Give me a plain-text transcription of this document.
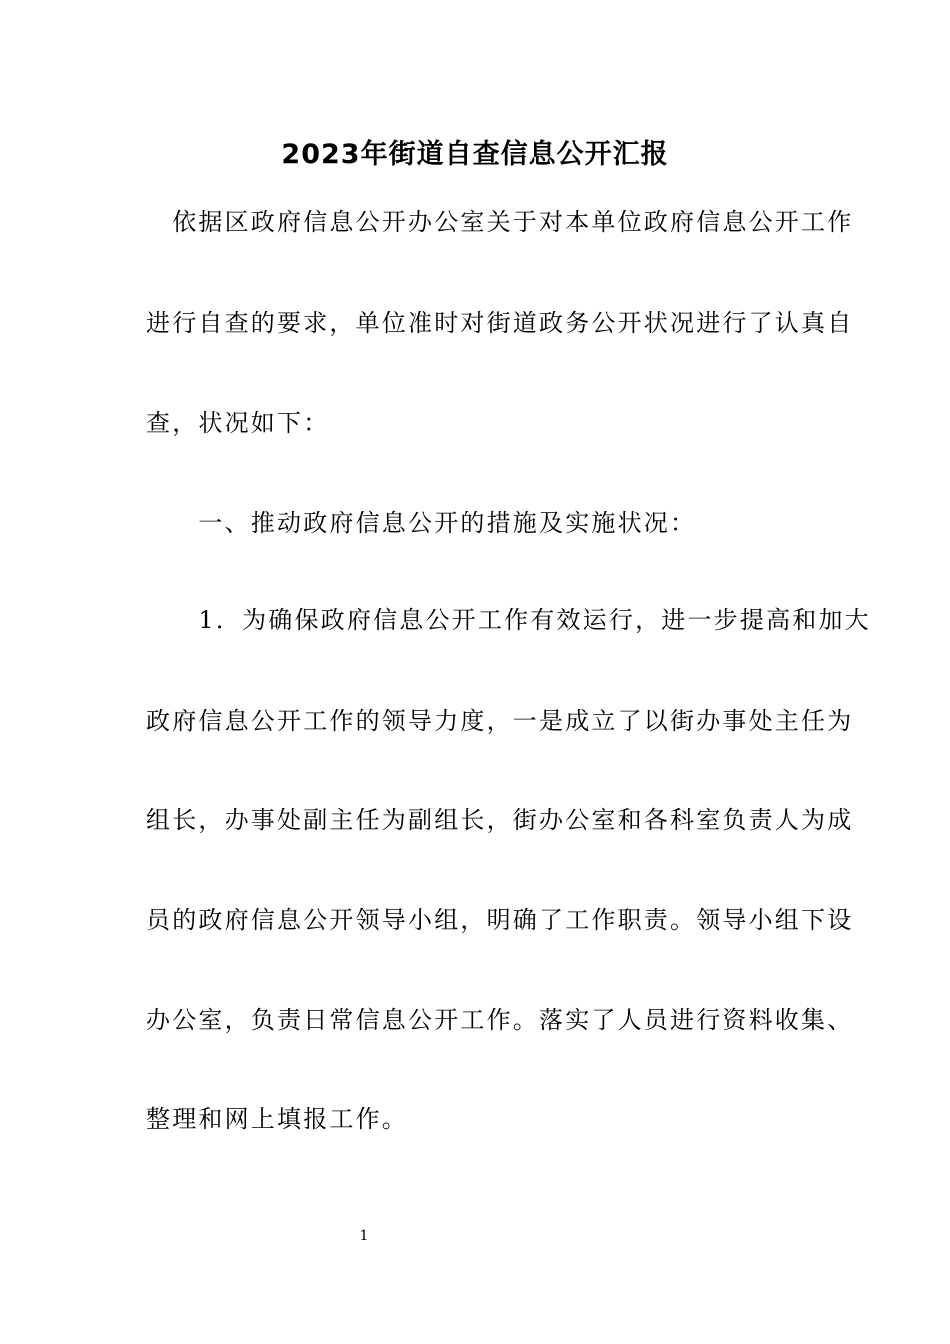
2023年街道自查信息公开汇报
　依据区政府信息公开办公室关于对本单位政府信息公开工作
进行自查的要求，单位准时对街道政务公开状况进行了认真自
查，状况如下：
　　一、推动政府信息公开的措施及实施状况：
　　1．为确保政府信息公开工作有效运行，进一步提高和加大
政府信息公开工作的领导力度，一是成立了以街办事处主任为
组长，办事处副主任为副组长，街办公室和各科室负责人为成
员的政府信息公开领导小组，明确了工作职责。领导小组下设
办公室，负责日常信息公开工作。落实了人员进行资料收集、
整理和网上填报工作。
1
